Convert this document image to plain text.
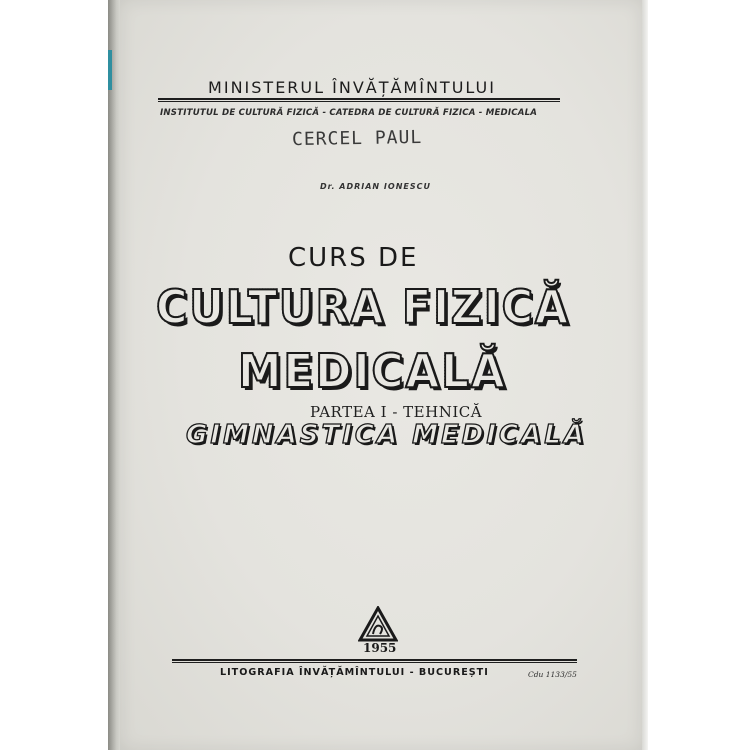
MINISTERUL ÎNVĂȚĂMÎNTULUI
INSTITUTUL DE CULTURĂ FIZICĂ - CATEDRA DE CULTURĂ FIZICA - MEDICALA
CERCEL PAUL
Dr. ADRIAN IONESCU
CURS DE
CULTURA FIZICĂ
MEDICALĂ
PARTEA I - TEHNICĂ
GIMNASTICA MEDICALĂ
1955
LITOGRAFIA ÎNVĂȚĂMÎNTULUI - BUCUREȘTI	Cdu 1133/55
